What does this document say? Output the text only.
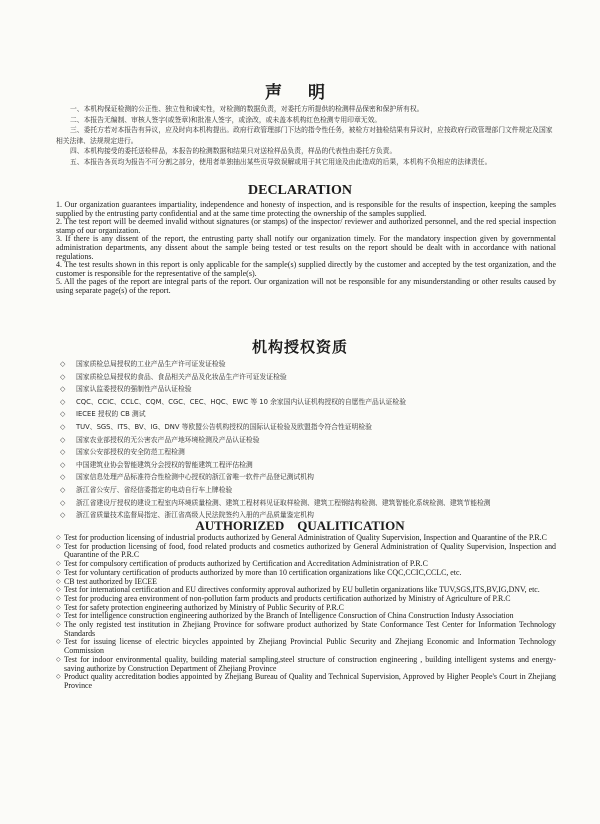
声 明

一、本机构保证检测的公正性、独立性和诚实性，对检测的数据负责，对委托方所提供的检测样品保密和保护所有权。

二、本报告无编制、审核人签字(或签章)和批准人签字，或涂改，或未盖本机构红色检测专用印章无效。

三、委托方若对本报告有异议，应及时向本机构提出。政府行政管理部门下达的指令性任务，被检方对抽检结果有异议时，应按政府行政管理部门文件规定及国家相关法律、法规规定进行。

四、本机构接受的委托送检样品，本报告的检测数据和结果只对送检样品负责，样品的代表性由委托方负责。

五、本报告各页均为报告不可分割之部分，使用者单独抽出某些页导致误解或用于其它用途及由此造成的后果，本机构不负相应的法律责任。

DECLARATION

1. Our organization guarantees impartiality, independence and honesty of inspection, and is responsible for the results of inspection, keeping the samples supplied by the entrusting party confidential and at the same time protecting the ownership of the samples supplied.

2. The test report will be deemed invalid without signatures (or stamps) of the inspector/ reviewer and authorized personnel, and the red special inspection stamp of our organization.

3. If there is any dissent of the report, the entrusting party shall notify our organization timely. For the mandatory inspection given by governmental administration departments, any dissent about the sample being tested or test results on the report should be dealt with in accordance with national regulations.

4. The test results shown in this report is only applicable for the sample(s) supplied directly by the customer and accepted by the test organization, and the customer is responsible for the representative of the sample(s).

5. All the pages of the report are integral parts of the report. Our organization will not be responsible for any misunderstanding or other results caused by using separate page(s) of the report.

机构授权资质
◇ 国家质检总局授权的工业产品生产许可证发证检验
◇ 国家质检总局授权的食品、食品相关产品及化妆品生产许可证发证检验
◇ 国家认监委授权的强制性产品认证检验
◇ CQC、CCIC、CCLC、CQM、CGC、CEC、HQC、EWC 等 10 余家国内认证机构授权的自愿性产品认证检验
◇ IECEE 授权的 CB 测试
◇ TUV、SGS、ITS、BV、IG、DNV 等欧盟公告机构授权的国际认证检验及欧盟指令符合性证明检验
◇ 国家农业部授权的无公害农产品产地环境检测及产品认证检验
◇ 国家公安部授权的安全防范工程检测
◇ 中国建筑业协会智能建筑分会授权的智能建筑工程评估检测
◇ 国家信息处理产品标准符合性检测中心授权的浙江省唯一软件产品登记测试机构
◇ 浙江省公安厅、省经信委指定的电动自行车上牌检验
◇ 浙江省建设厅授权的建设工程室内环境质量检测、建筑工程材料见证取样检测、建筑工程钢结构检测、建筑智能化系统检测、建筑节能检测
◇ 浙江省质量技术监督局指定、浙江省高级人民法院签约入册的产品质量鉴定机构
AUTHORIZED    QUALITICATION
◇ Test for production licensing of industrial products authorized by General Administration of Quality Supervision, Inspection and Quarantine of the P.R.C
◇ Test for production licensing of food, food related products and cosmetics authorized by General Administration of Quality Supervision, Inspection and Quarantine of the P.R.C
◇ Test for compulsory certification of products authorized by Certification and Accreditation Administration of P.R.C
◇ Test for voluntary certification of products authorized by more than 10 certification organizations like CQC,CCIC,CCLC, etc.
◇ CB test authorized by IECEE
◇ Test for international certification and EU directives conformity approval authorized by EU bulletin organizations like TUV,SGS,ITS,BV,IG,DNV, etc.
◇ Test for producing area environment of non-pollution farm products and products certification authorized by Ministry of Agriculture of P.R.C
◇ Test for safety protection engineering authorized by Ministry of Public Security of P.R.C
◇ Test for intelligence construction engineering authorized by the Branch of Intelligence Consruction of China Construction Industy Association
◇ The only registed test institution in Zhejiang Province for software product authorized by State Conformance Test Center for Information Technology Standards
◇ Test for issuing license of electric bicycles appointed by Zhejiang Provincial Public Security and Zhejiang Economic and Information Technology Commission
◇ Test for indoor environmental quality, building material sampling,steel structure of construction engineering , building intelligent systems and energy-saving authorize by Construction Department of Zhejiang Province
◇ Product quality accreditation bodies appointed by Zhejiang Bureau of Quality and Technical Supervision, Approved by Higher People's Court in Zhejiang Province
